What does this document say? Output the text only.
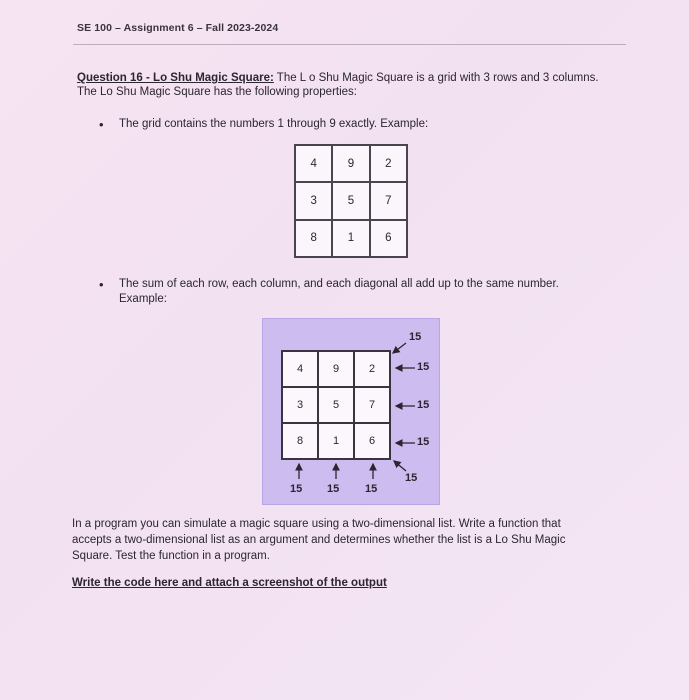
SE 100 – Assignment 6 – Fall 2023-2024
Question 16 - Lo Shu Magic Square: The L o Shu Magic Square is a grid with 3 rows and 3 columns.
The Lo Shu Magic Square has the following properties:
• The grid contains the numbers 1 through 9 exactly. Example:
4	9	2
3	5	7
8	1	6
• The sum of each row, each column, and each diagonal all add up to the same number.
Example:
4	9	2
3	5	7
8	1	6
15
15
15
15
15
15 15 15

In a program you can simulate a magic square using a two-dimensional list. Write a function that

accepts a two-dimensional list as an argument and determines whether the list is a Lo Shu Magic

Square. Test the function in a program.

Write the code here and attach a screenshot of the output
